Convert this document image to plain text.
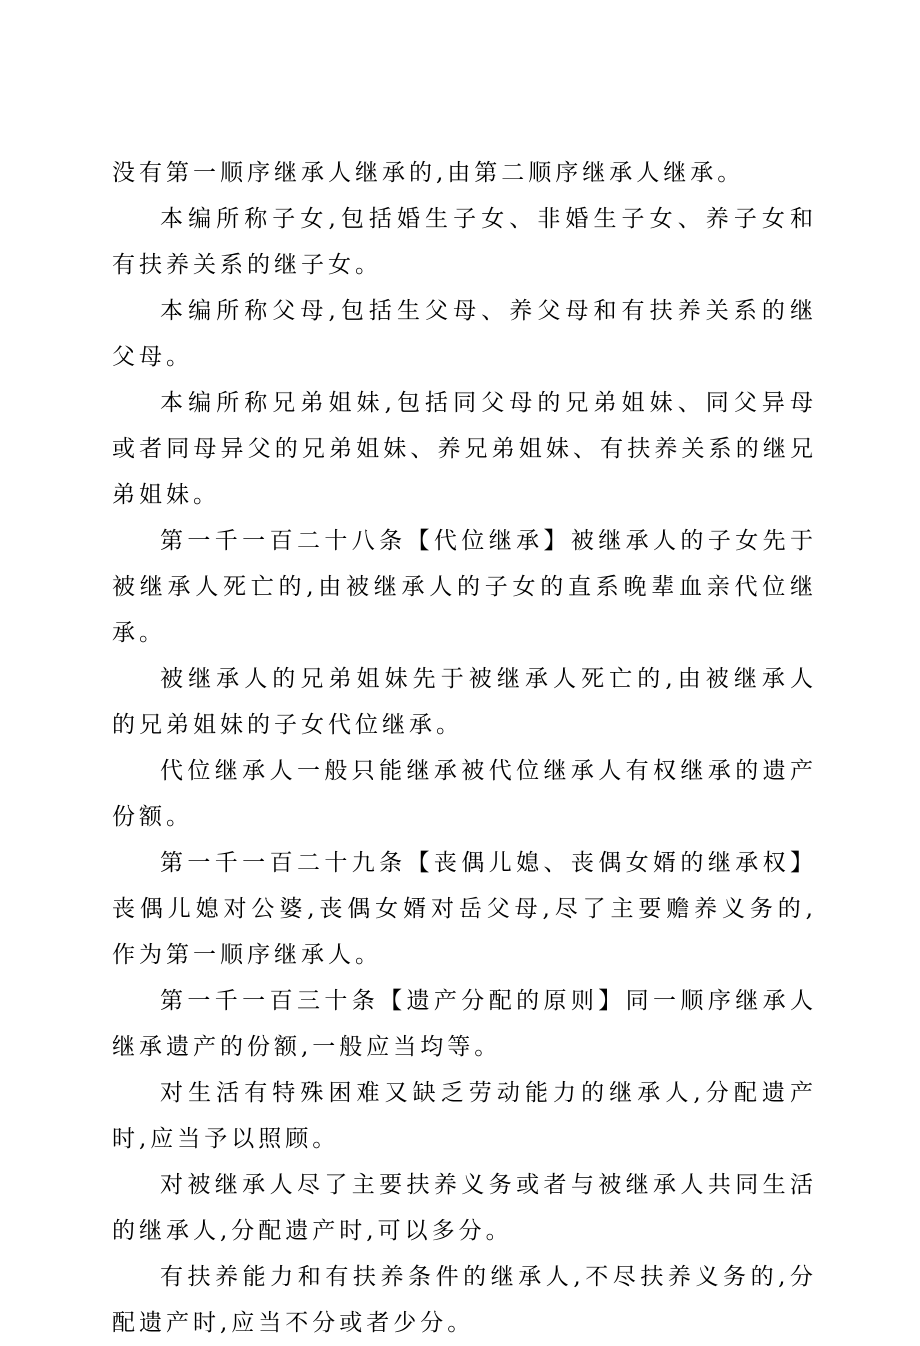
没有第一顺序继承人继承的,由第二顺序继承人继承。

本编所称子女,包括婚生子女、非婚生子女、养子女和有扶养关系的继子女。

本编所称父母,包括生父母、养父母和有扶养关系的继父母。

本编所称兄弟姐妹,包括同父母的兄弟姐妹、同父异母或者同母异父的兄弟姐妹、养兄弟姐妹、有扶养关系的继兄弟姐妹。

第一千一百二十八条【代位继承】被继承人的子女先于被继承人死亡的,由被继承人的子女的直系晚辈血亲代位继承。

被继承人的兄弟姐妹先于被继承人死亡的,由被继承人的兄弟姐妹的子女代位继承。

代位继承人一般只能继承被代位继承人有权继承的遗产份额。

第一千一百二十九条【丧偶儿媳、丧偶女婿的继承权】丧偶儿媳对公婆,丧偶女婿对岳父母,尽了主要赡养义务的,作为第一顺序继承人。

第一千一百三十条【遗产分配的原则】同一顺序继承人继承遗产的份额,一般应当均等。

对生活有特殊困难又缺乏劳动能力的继承人,分配遗产时,应当予以照顾。

对被继承人尽了主要扶养义务或者与被继承人共同生活的继承人,分配遗产时,可以多分。

有扶养能力和有扶养条件的继承人,不尽扶养义务的,分配遗产时,应当不分或者少分。
